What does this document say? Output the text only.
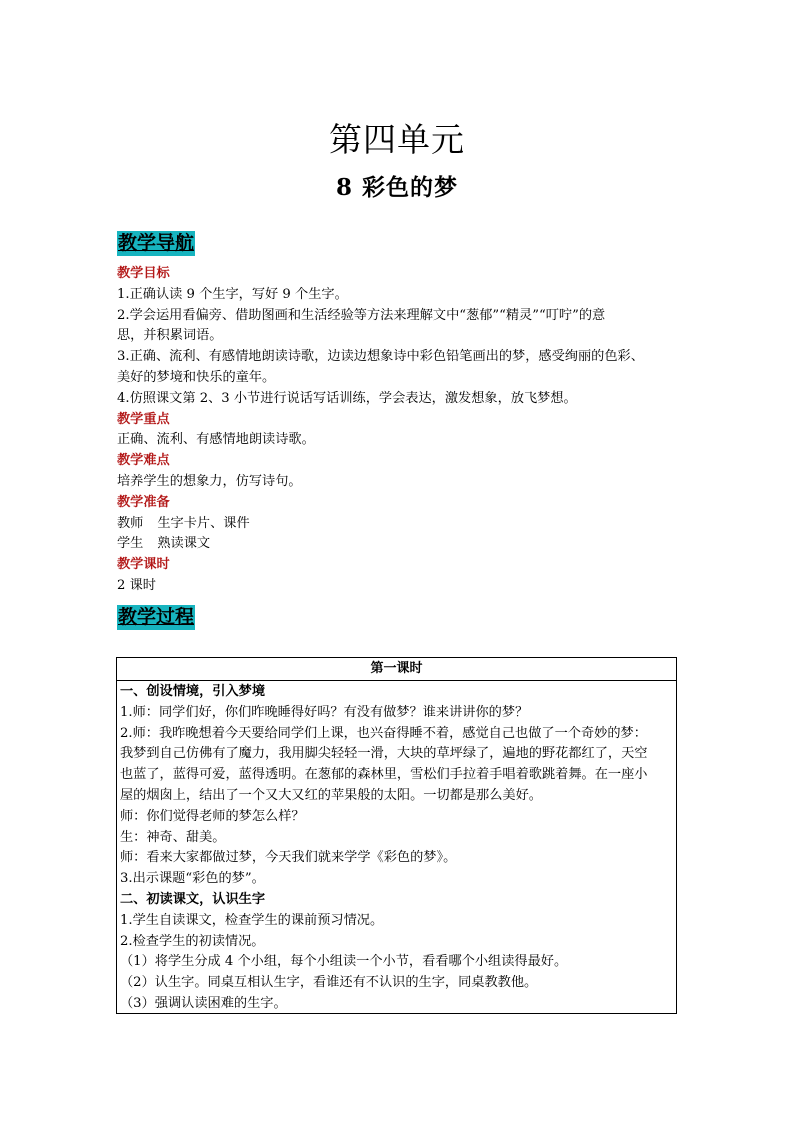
第四单元
8 彩色的梦
教学导航

教学目标

1.正确认读 9 个生字，写好 9 个生字。

2.学会运用看偏旁、借助图画和生活经验等方法来理解文中“葱郁”“精灵”“叮咛”的意

思，并积累词语。

3.正确、流利、有感情地朗读诗歌，边读边想象诗中彩色铅笔画出的梦，感受绚丽的色彩、

美好的梦境和快乐的童年。

4.仿照课文第 2、3 小节进行说话写话训练，学会表达，激发想象，放飞梦想。

教学重点

正确、流利、有感情地朗读诗歌。

教学难点

培养学生的想象力，仿写诗句。

教学准备

教师 生字卡片、课件

学生 熟读课文

教学课时

2 课时

教学过程
第一课时

一、创设情境，引入梦境

1.师：同学们好，你们昨晚睡得好吗？有没有做梦？谁来讲讲你的梦？

2.师：我昨晚想着今天要给同学们上课，也兴奋得睡不着，感觉自己也做了一个奇妙的梦：

我梦到自己仿佛有了魔力，我用脚尖轻轻一滑，大块的草坪绿了，遍地的野花都红了，天空

也蓝了，蓝得可爱，蓝得透明。在葱郁的森林里，雪松们手拉着手唱着歌跳着舞。在一座小

屋的烟囱上，结出了一个又大又红的苹果般的太阳。一切都是那么美好。

师：你们觉得老师的梦怎么样？

生：神奇、甜美。

师：看来大家都做过梦，今天我们就来学学《彩色的梦》。

3.出示课题“彩色的梦”。

二、初读课文，认识生字

1.学生自读课文，检查学生的课前预习情况。

2.检查学生的初读情况。

（1）将学生分成 4 个小组，每个小组读一个小节，看看哪个小组读得最好。

（2）认生字。同桌互相认生字，看谁还有不认识的生字，同桌教教他。

（3）强调认读困难的生字。
